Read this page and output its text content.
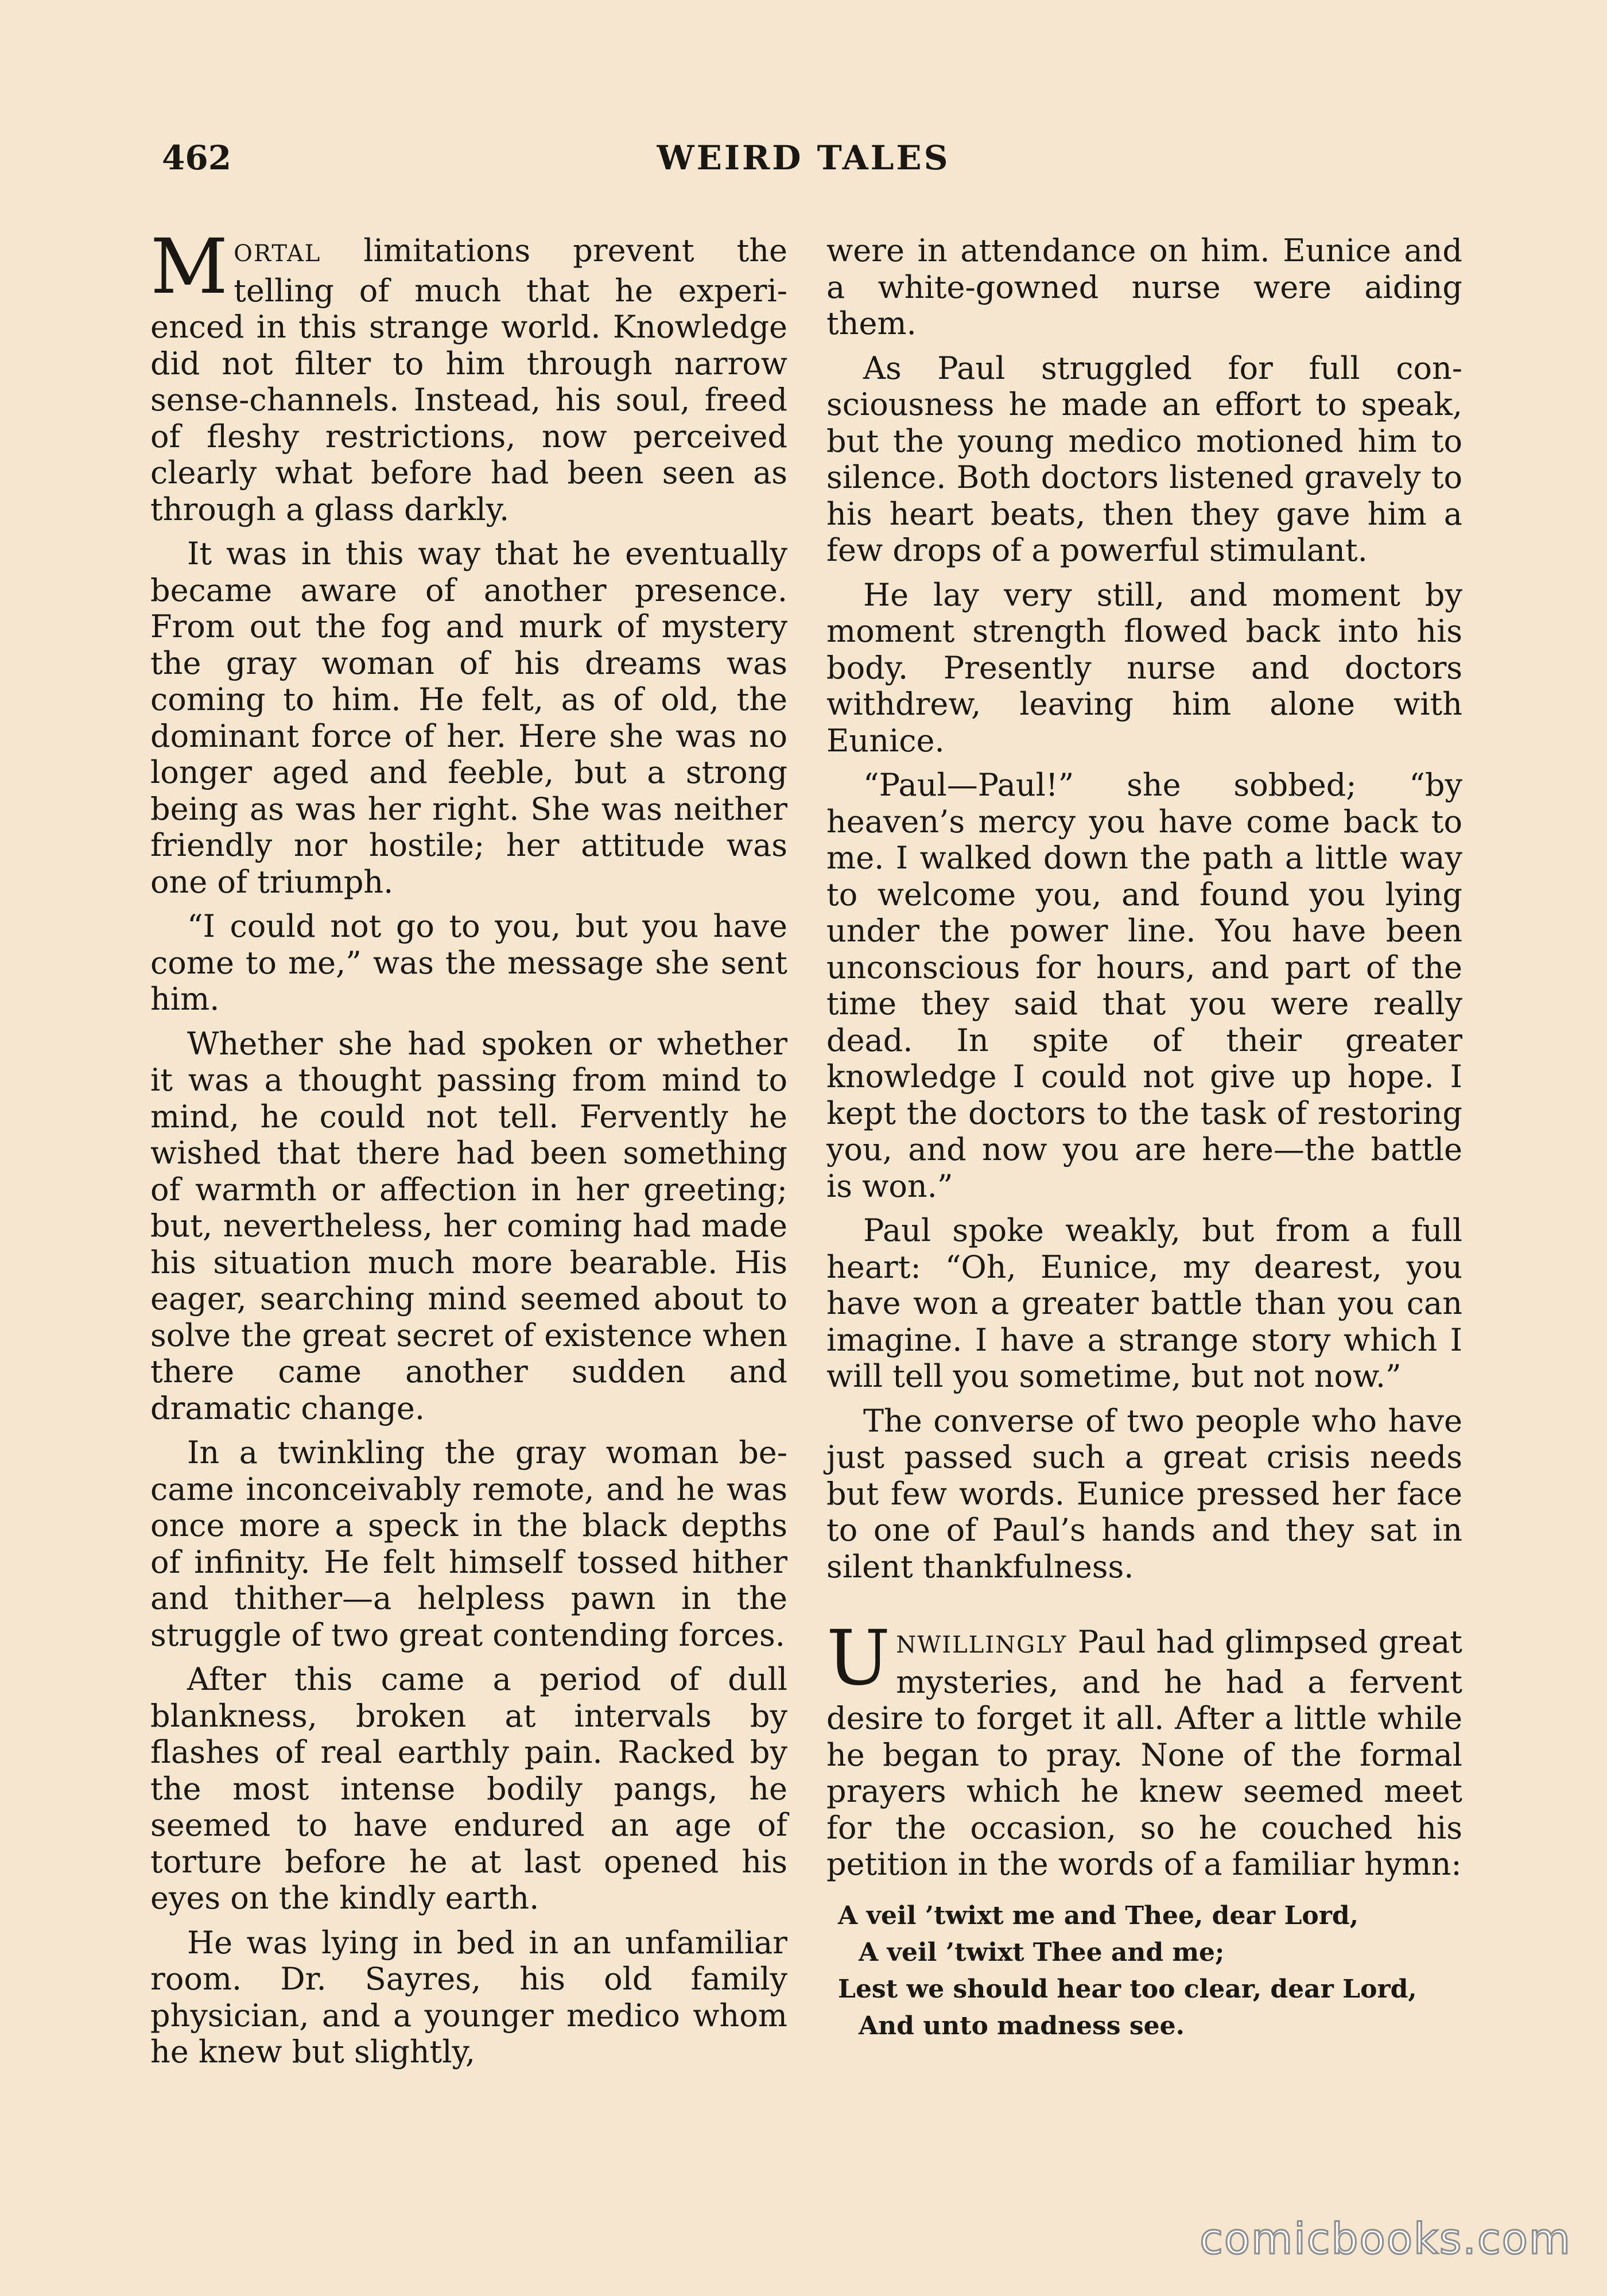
462	WEIRD TALES

MORTAL limitations prevent the telling of much that he experienced in this strange world. Knowledge did not filter to him through narrow sense-channels. Instead, his soul, freed of fleshy restrictions, now perceived clearly what before had been seen as through a glass darkly.

It was in this way that he eventually became aware of another presence. From out the fog and murk of mystery the gray woman of his dreams was coming to him. He felt, as of old, the dominant force of her. Here she was no longer aged and feeble, but a strong being as was her right. She was neither friendly nor hostile; her attitude was one of triumph.

“I could not go to you, but you have come to me,” was the message she sent him.

Whether she had spoken or whether it was a thought passing from mind to mind, he could not tell. Fervently he wished that there had been something of warmth or affection in her greeting; but, nevertheless, her coming had made his situation much more bearable. His eager, searching mind seemed about to solve the great secret of existence when there came another sudden and dramatic change.

In a twinkling the gray woman became inconceivably remote, and he was once more a speck in the black depths of infinity. He felt himself tossed hither and thither—a helpless pawn in the struggle of two great contending forces.

After this came a period of dull blankness, broken at intervals by flashes of real earthly pain. Racked by the most intense bodily pangs, he seemed to have endured an age of torture before he at last opened his eyes on the kindly earth.

He was lying in bed in an unfamiliar room. Dr. Sayres, his old family physician, and a younger medico whom he knew but slightly,

were in attendance on him. Eunice and a white-gowned nurse were aiding them.

As Paul struggled for full consciousness he made an effort to speak, but the young medico motioned him to silence. Both doctors listened gravely to his heart beats, then they gave him a few drops of a powerful stimulant.

He lay very still, and moment by moment strength flowed back into his body. Presently nurse and doctors withdrew, leaving him alone with Eunice.

“Paul—Paul!” she sobbed; “by heaven’s mercy you have come back to me. I walked down the path a little way to welcome you, and found you lying under the power line. You have been unconscious for hours, and part of the time they said that you were really dead. In spite of their greater knowledge I could not give up hope. I kept the doctors to the task of restoring you, and now you are here—the battle is won.”

Paul spoke weakly, but from a full heart: “Oh, Eunice, my dearest, you have won a greater battle than you can imagine. I have a strange story which I will tell you sometime, but not now.”

The converse of two people who have just passed such a great crisis needs but few words. Eunice pressed her face to one of Paul’s hands and they sat in silent thankfulness.

UNWILLINGLY Paul had glimpsed great mysteries, and he had a fervent desire to forget it all. After a little while he began to pray. None of the formal prayers which he knew seemed meet for the occasion, so he couched his petition in the words of a familiar hymn:

A veil ’twixt me and Thee, dear Lord,
A veil ’twixt Thee and me;
Lest we should hear too clear, dear Lord,
And unto madness see.
comicbooks.com
